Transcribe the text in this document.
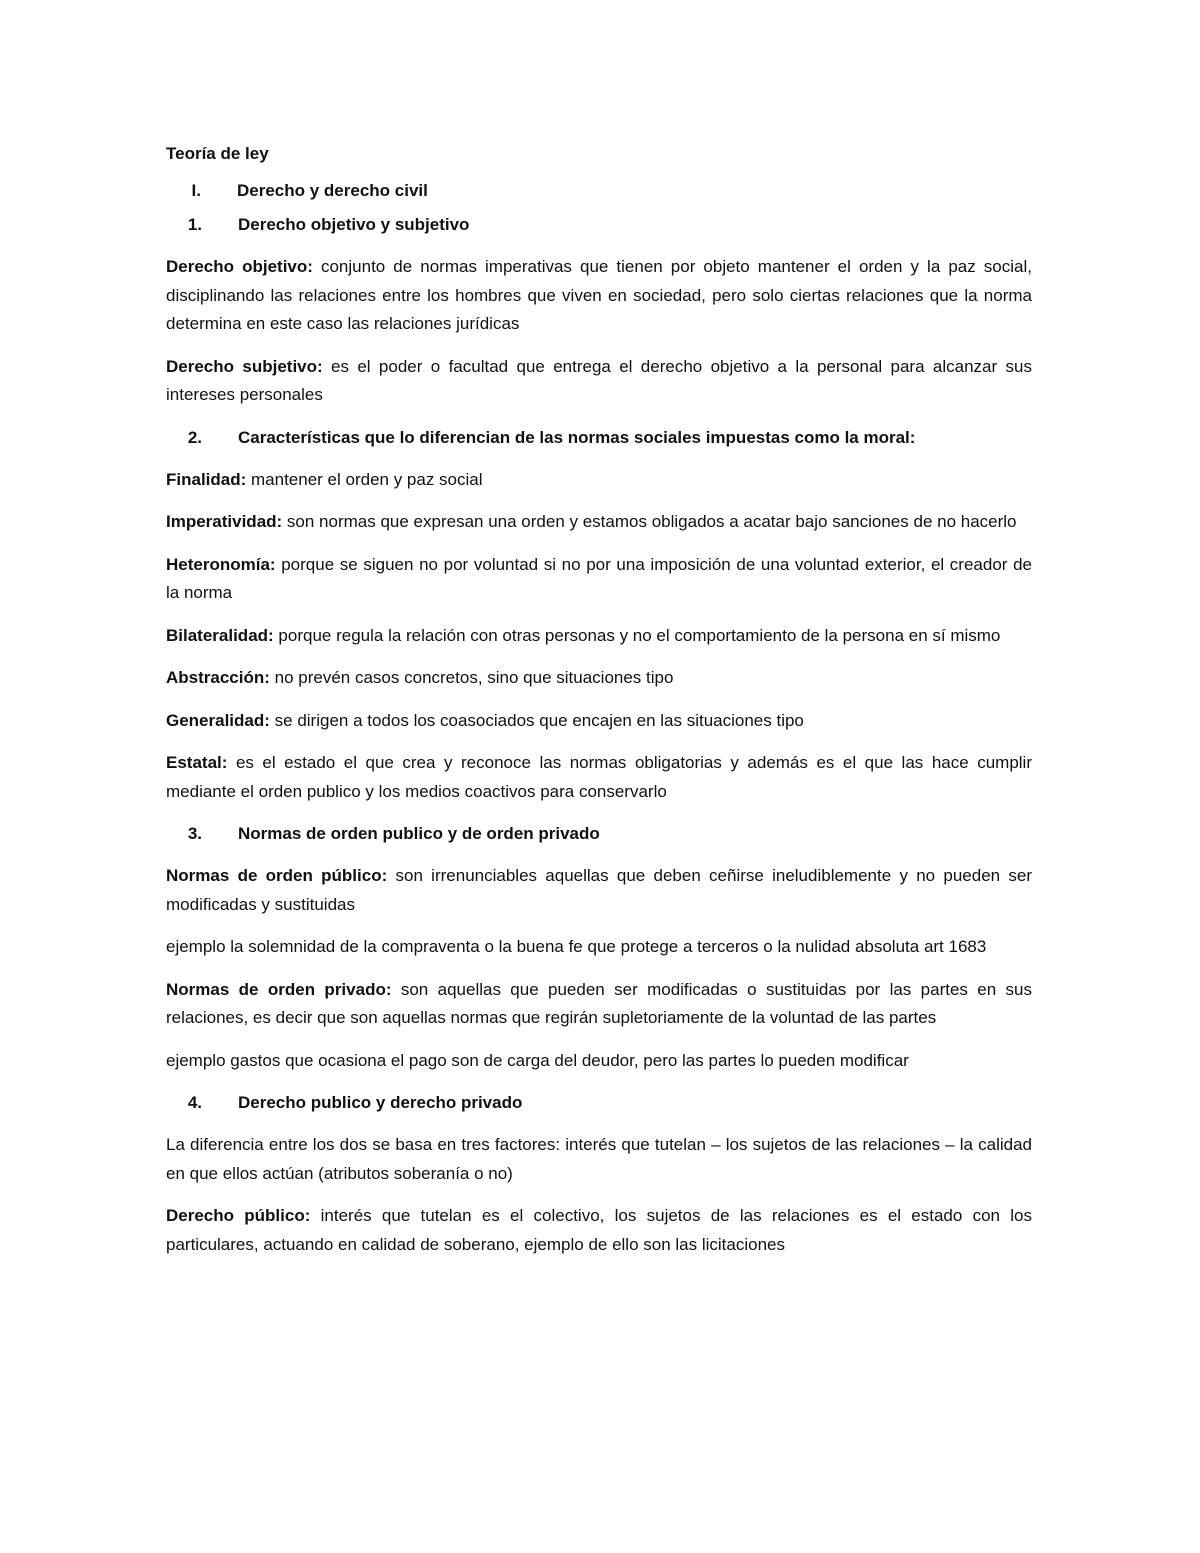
Teoría de ley

I.	Derecho y derecho civil
1.	Derecho objetivo y subjetivo

Derecho objetivo: conjunto de normas imperativas que tienen por objeto mantener el orden y la paz social, disciplinando las relaciones entre los hombres que viven en sociedad, pero solo ciertas relaciones que la norma determina en este caso las relaciones jurídicas

Derecho subjetivo: es el poder o facultad que entrega el derecho objetivo a la personal para alcanzar sus intereses personales

2.	Características que lo diferencian de las normas sociales impuestas como la moral:

Finalidad: mantener el orden y paz social

Imperatividad: son normas que expresan una orden y estamos obligados a acatar bajo sanciones de no hacerlo

Heteronomía: porque se siguen no por voluntad si no por una imposición de una voluntad exterior, el creador de la norma

Bilateralidad: porque regula la relación con otras personas y no el comportamiento de la persona en sí mismo

Abstracción: no prevén casos concretos, sino que situaciones tipo

Generalidad: se dirigen a todos los coasociados que encajen en las situaciones tipo

Estatal: es el estado el que crea y reconoce las normas obligatorias y además es el que las hace cumplir mediante el orden publico y los medios coactivos para conservarlo

3.	Normas de orden publico y de orden privado

Normas de orden público: son irrenunciables aquellas que deben ceñirse ineludiblemente y no pueden ser modificadas y sustituidas

ejemplo la solemnidad de la compraventa o la buena fe que protege a terceros o la nulidad absoluta art 1683

Normas de orden privado: son aquellas que pueden ser modificadas o sustituidas por las partes en sus relaciones, es decir que son aquellas normas que regirán supletoriamente de la voluntad de las partes

ejemplo gastos que ocasiona el pago son de carga del deudor, pero las partes lo pueden modificar

4.	Derecho publico y derecho privado

La diferencia entre los dos se basa en tres factores: interés que tutelan – los sujetos de las relaciones – la calidad en que ellos actúan (atributos soberanía o no)

Derecho público: interés que tutelan es el colectivo, los sujetos de las relaciones es el estado con los particulares, actuando en calidad de soberano, ejemplo de ello son las licitaciones
